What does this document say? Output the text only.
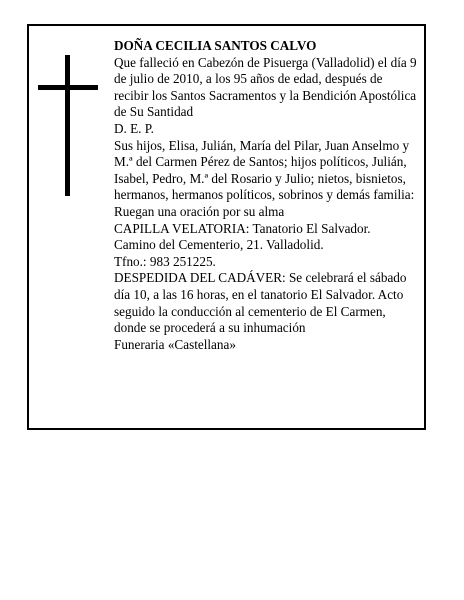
DOÑA CECILIA SANTOS CALVO

Que falleció en Cabezón de Pisuerga (Valladolid) el día 9 de julio de 2010, a los 95 años de edad, después de recibir los Santos Sacramentos y la Bendición Apostólica de Su Santidad

D. E. P.

Sus hijos, Elisa, Julián, María del Pilar, Juan Anselmo y M.ª del Carmen Pérez de Santos; hijos políticos, Julián, Isabel, Pedro, M.ª del Rosario y Julio; nietos, bisnietos, hermanos, hermanos políticos, sobrinos y demás familia:

Ruegan una oración por su alma

CAPILLA VELATORIA: Tanatorio El Salvador.

Camino del Cementerio, 21. Valladolid.

Tfno.: 983 251225.

DESPEDIDA DEL CADÁVER: Se celebrará el sábado día 10, a las 16 horas, en el tanatorio El Salvador. Acto seguido la conducción al cementerio de El Carmen, donde se procederá a su inhumación

Funeraria «Castellana»
